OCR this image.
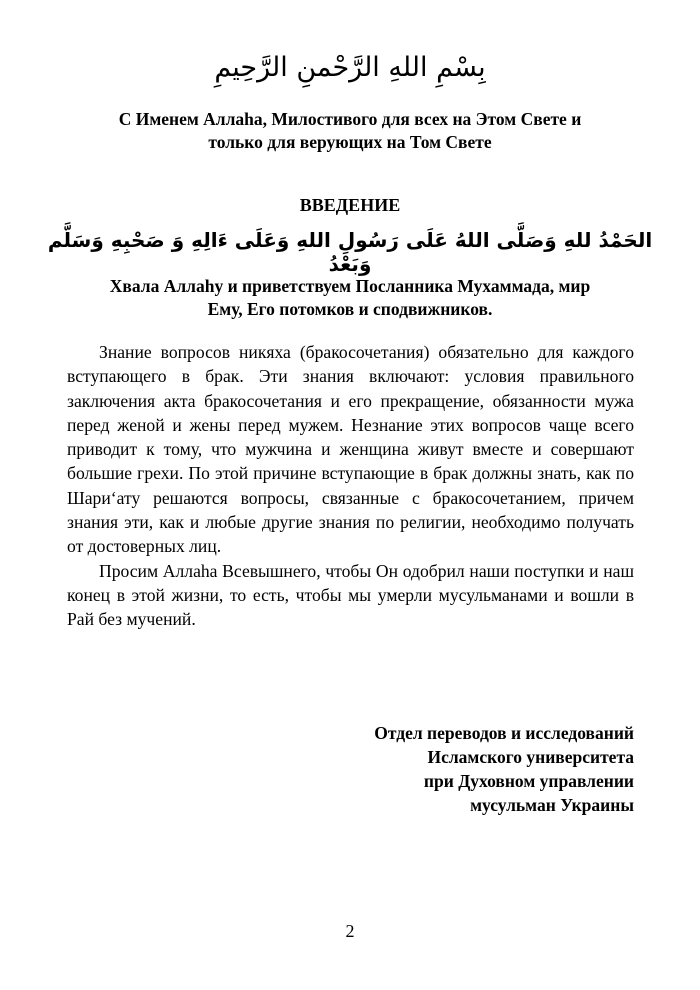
بِسْمِ اللهِ الرَّحْمنِ الرَّحِيمِ
С Именем Аллаhа, Милостивого для всех на Этом Свете и
только для верующих на Том Свете
ВВЕДЕНИЕ
الحَمْدُ للهِ وَصَلَّى اللهُ عَلَى رَسُولِ اللهِ وَعَلَى ءَالِهِ وَ صَحْبِهِ وَسَلَّم وَبَعْدُ
Хвала Аллаhу и приветствуем Посланника Мухаммада, мир
Ему, Его потомков и сподвижников.

Знание вопросов никяха (бракосочетания) обязательно для каждого вступающего в брак. Эти знания включают: условия правильного заключения акта бракосочетания и его прекращение, обязанности мужа перед женой и жены перед мужем. Незнание этих вопросов чаще всего приводит к тому, что мужчина и женщина живут вместе и совершают большие грехи. По этой причине вступающие в брак должны знать, как по Шари‘ату решаются вопросы, связанные с бракосочетанием, причем знания эти, как и любые другие знания по религии, необходимо получать от достоверных лиц.

Просим Аллаhа Всевышнего, чтобы Он одобрил наши поступки и наш конец в этой жизни, то есть, чтобы мы умерли мусульманами и вошли в Рай без мучений.

Отдел переводов и исследований
Исламского университета
при Духовном управлении
мусульман Украины
2
